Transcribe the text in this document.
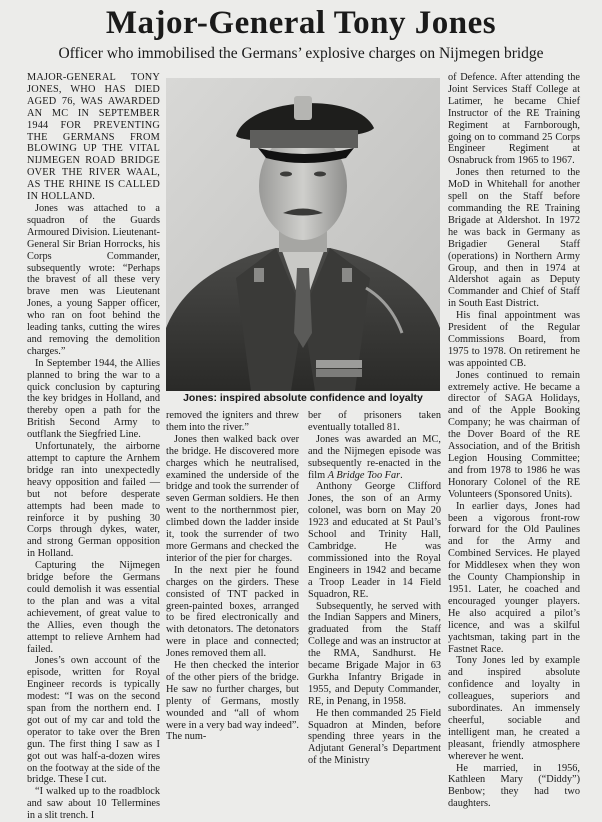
Major-General Tony Jones
Officer who immobilised the Germans’ explosive charges on Nijmegen bridge

MAJOR-GENERAL TONY JONES, WHO HAS DIED AGED 76, WAS AWARDED AN MC IN SEPTEMBER 1944 FOR PREVENTING THE GERMANS FROM BLOWING UP THE VITAL NIJMEGEN ROAD BRIDGE OVER THE RIVER WAAL, AS THE RHINE IS CALLED IN HOLLAND.

Jones was attached to a squadron of the Guards Armoured Division. Lieutenant-General Sir Brian Horrocks, his Corps Commander, subsequently wrote: “Perhaps the bravest of all these very brave men was Lieutenant Jones, a young Sapper officer, who ran on foot behind the leading tanks, cutting the wires and removing the demolition charges.”

In September 1944, the Allies planned to bring the war to a quick conclusion by capturing the key bridges in Holland, and thereby open a path for the British Second Army to outflank the Siegfried Line.

Unfortunately, the airborne attempt to capture the Arnhem bridge ran into unexpectedly heavy opposition and failed — but not before desperate attempts had been made to reinforce it by pushing 30 Corps through dykes, water, and strong German opposition in Holland.

Capturing the Nijmegen bridge before the Germans could demolish it was essential to the plan and was a vital achievement, of great value to the Allies, even though the attempt to relieve Arnhem had failed.

Jones’s own account of the episode, written for Royal Engineer records is typically modest: “I was on the second span from the northern end. I got out of my car and told the operator to take over the Bren gun. The first thing I saw as I got out was half-a-dozen wires on the footway at the side of the bridge. These I cut.

“I walked up to the roadblock and saw about 10 Tellermines in a slit trench. I

Jones: inspired absolute confidence and loyalty

removed the igniters and threw them into the river.”

Jones then walked back over the bridge. He discovered more charges which he neutralised, examined the underside of the bridge and took the surrender of seven German soldiers. He then went to the northernmost pier, climbed down the ladder inside it, took the surrender of two more Germans and checked the interior of the pier for charges.

In the next pier he found charges on the girders. These consisted of TNT packed in green-painted boxes, arranged to be fired electronically and with detonators. The detonators were in place and connected; Jones removed them all.

He then checked the interior of the other piers of the bridge. He saw no further charges, but plenty of Germans, mostly wounded and “all of whom were in a very bad way indeed”. The num-

ber of prisoners taken eventually totalled 81.

Jones was awarded an MC, and the Nijmegen episode was subsequently re-enacted in the film A Bridge Too Far.

Anthony George Clifford Jones, the son of an Army colonel, was born on May 20 1923 and educated at St Paul’s School and Trinity Hall, Cambridge. He was commissioned into the Royal Engineers in 1942 and became a Troop Leader in 14 Field Squadron, RE.

Subsequently, he served with the Indian Sappers and Miners, graduated from the Staff College and was an instructor at the RMA, Sandhurst. He became Brigade Major in 63 Gurkha Infantry Brigade in 1955, and Deputy Commander, RE, in Penang, in 1958.

He then commanded 25 Field Squadron at Minden, before spending three years in the Adjutant General’s Department of the Ministry

of Defence. After attending the Joint Services Staff College at Latimer, he became Chief Instructor of the RE Training Regiment at Farnborough, going on to command 25 Corps Engineer Regiment at Osnabruck from 1965 to 1967.

Jones then returned to the MoD in Whitehall for another spell on the Staff before commanding the RE Training Brigade at Aldershot. In 1972 he was back in Germany as Brigadier General Staff (operations) in Northern Army Group, and then in 1974 at Aldershot again as Deputy Commander and Chief of Staff in South East District.

His final appointment was President of the Regular Commissions Board, from 1975 to 1978. On retirement he was appointed CB.

Jones continued to remain extremely active. He became a director of SAGA Holidays, and of the Apple Booking Company; he was chairman of the Dover Board of the RE Association, and of the British Legion Housing Committee; and from 1978 to 1986 he was Honorary Colonel of the RE Volunteers (Sponsored Units).

In earlier days, Jones had been a vigorous front-row forward for the Old Paulines and for the Army and Combined Services. He played for Middlesex when they won the County Championship in 1951. Later, he coached and encouraged younger players. He also acquired a pilot’s licence, and was a skilful yachtsman, taking part in the Fastnet Race.

Tony Jones led by example and inspired absolute confidence and loyalty in colleagues, superiors and subordinates. An immensely cheerful, sociable and intelligent man, he created a pleasant, friendly atmosphere wherever he went.

He married, in 1956, Kathleen Mary (“Diddy”) Benbow; they had two daughters.
